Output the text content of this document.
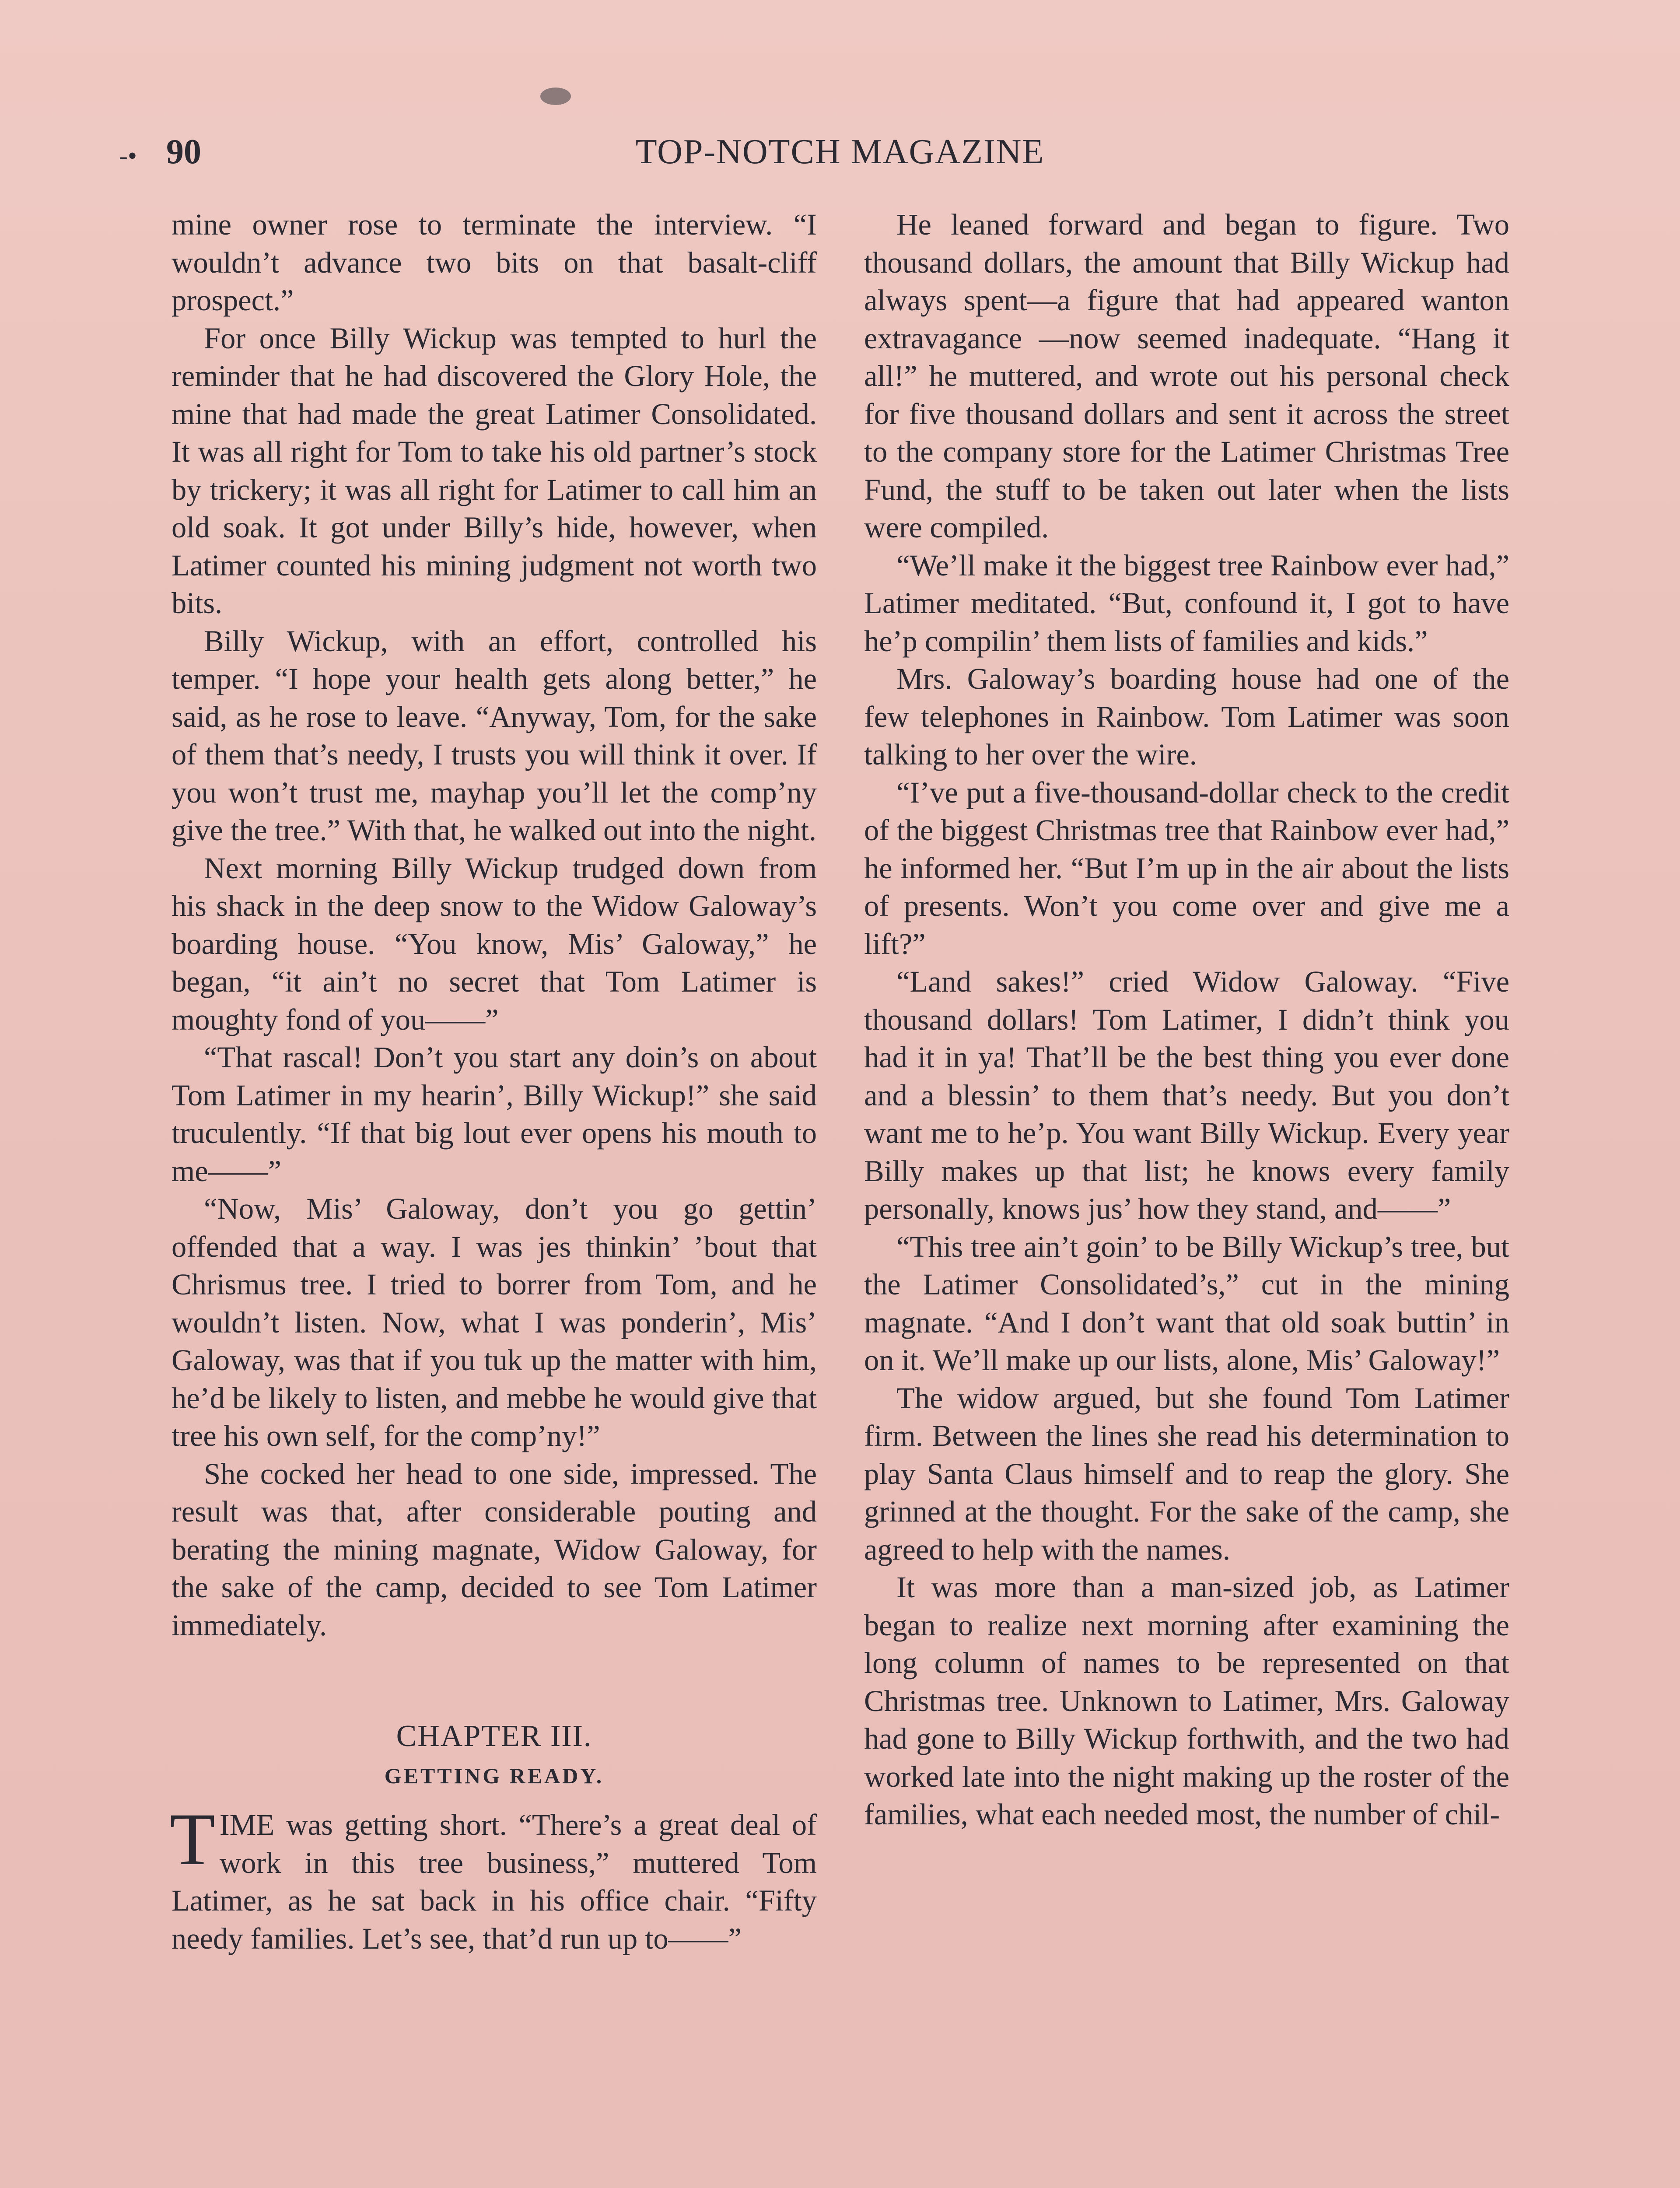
-• 90	TOP-NOTCH MAGAZINE

mine owner rose to terminate the interview. “I wouldn’t advance two bits on that basalt-cliff prospect.”

For once Billy Wickup was tempted to hurl the reminder that he had discovered the Glory Hole, the mine that had made the great Latimer Consolidated. It was all right for Tom to take his old partner’s stock by trickery; it was all right for Latimer to call him an old soak. It got under Billy’s hide, however, when Latimer counted his mining judgment not worth two bits.

Billy Wickup, with an effort, controlled his temper. “I hope your health gets along better,” he said, as he rose to leave. “Anyway, Tom, for the sake of them that’s needy, I trusts you will think it over. If you won’t trust me, mayhap you’ll let the comp’ny give the tree.” With that, he walked out into the night.

Next morning Billy Wickup trudged down from his shack in the deep snow to the Widow Galoway’s boarding house. “You know, Mis’ Galoway,” he began, “it ain’t no secret that Tom Latimer is moughty fond of you——”

“That rascal! Don’t you start any doin’s on about Tom Latimer in my hearin’, Billy Wickup!” she said truculently. “If that big lout ever opens his mouth to me——”

“Now, Mis’ Galoway, don’t you go gettin’ offended that a way. I was jes thinkin’ ’bout that Chrismus tree. I tried to borrer from Tom, and he wouldn’t listen. Now, what I was ponderin’, Mis’ Galoway, was that if you tuk up the matter with him, he’d be likely to listen, and mebbe he would give that tree his own self, for the comp’ny!”

She cocked her head to one side, impressed. The result was that, after considerable pouting and berating the mining magnate, Widow Galoway, for the sake of the camp, decided to see Tom Latimer immediately.

CHAPTER III.
GETTING READY.

TIME was getting short. “There’s a great deal of work in this tree business,” muttered Tom Latimer, as he sat back in his office chair. “Fifty needy families. Let’s see, that’d run up to——”

He leaned forward and began to figure. Two thousand dollars, the amount that Billy Wickup had always spent—a figure that had appeared wanton extravagance —now seemed inadequate. “Hang it all!” he muttered, and wrote out his personal check for five thousand dollars and sent it across the street to the company store for the Latimer Christmas Tree Fund, the stuff to be taken out later when the lists were compiled.

“We’ll make it the biggest tree Rainbow ever had,” Latimer meditated. “But, confound it, I got to have he’p compilin’ them lists of families and kids.”

Mrs. Galoway’s boarding house had one of the few telephones in Rainbow. Tom Latimer was soon talking to her over the wire.

“I’ve put a five-thousand-dollar check to the credit of the biggest Christmas tree that Rainbow ever had,” he informed her. “But I’m up in the air about the lists of presents. Won’t you come over and give me a lift?”

“Land sakes!” cried Widow Galoway. “Five thousand dollars! Tom Latimer, I didn’t think you had it in ya! That’ll be the best thing you ever done and a blessin’ to them that’s needy. But you don’t want me to he’p. You want Billy Wickup. Every year Billy makes up that list; he knows every family personally, knows jus’ how they stand, and——”

“This tree ain’t goin’ to be Billy Wickup’s tree, but the Latimer Consolidated’s,” cut in the mining magnate. “And I don’t want that old soak buttin’ in on it. We’ll make up our lists, alone, Mis’ Galoway!”

The widow argued, but she found Tom Latimer firm. Between the lines she read his determination to play Santa Claus himself and to reap the glory. She grinned at the thought. For the sake of the camp, she agreed to help with the names.

It was more than a man-sized job, as Latimer began to realize next morning after examining the long column of names to be represented on that Christmas tree. Unknown to Latimer, Mrs. Galoway had gone to Billy Wickup forthwith, and the two had worked late into the night making up the roster of the families, what each needed most, the number of chil-
